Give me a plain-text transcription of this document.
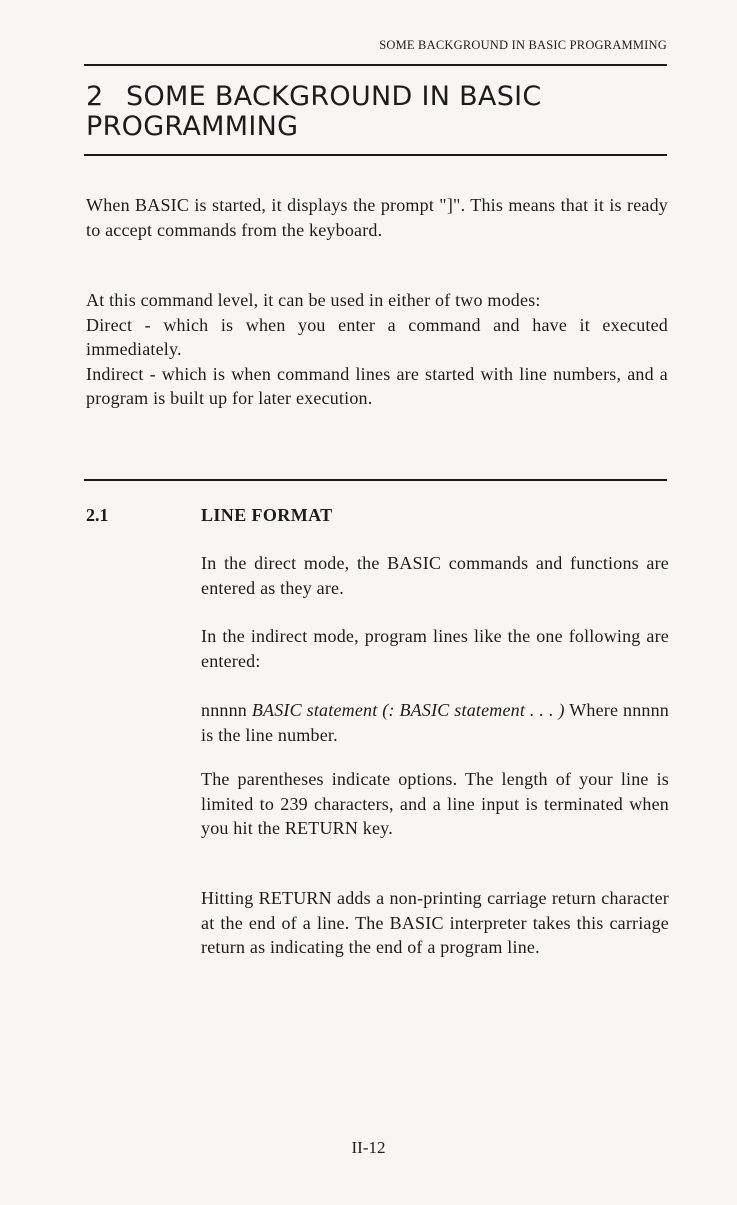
SOME BACKGROUND IN BASIC PROGRAMMING
2 SOME BACKGROUND IN BASIC
PROGRAMMING

When BASIC is started, it displays the prompt "]". This means that it is ready to accept commands from the keyboard.

At this command level, it can be used in either of two modes:
Direct - which is when you enter a command and have it executed immediately.
Indirect - which is when command lines are started with line numbers, and a program is built up for later execution.
2.1	LINE FORMAT

In the direct mode, the BASIC commands and functions are entered as they are.

In the indirect mode, program lines like the one following are entered:

nnnnn BASIC statement (: BASIC statement . . . ) Where nnnnn is the line number.

The parentheses indicate options. The length of your line is limited to 239 characters, and a line input is terminated when you hit the RETURN key.

Hitting RETURN adds a non-printing carriage return character at the end of a line. The BASIC interpreter takes this carriage return as indicating the end of a program line.

II-12
